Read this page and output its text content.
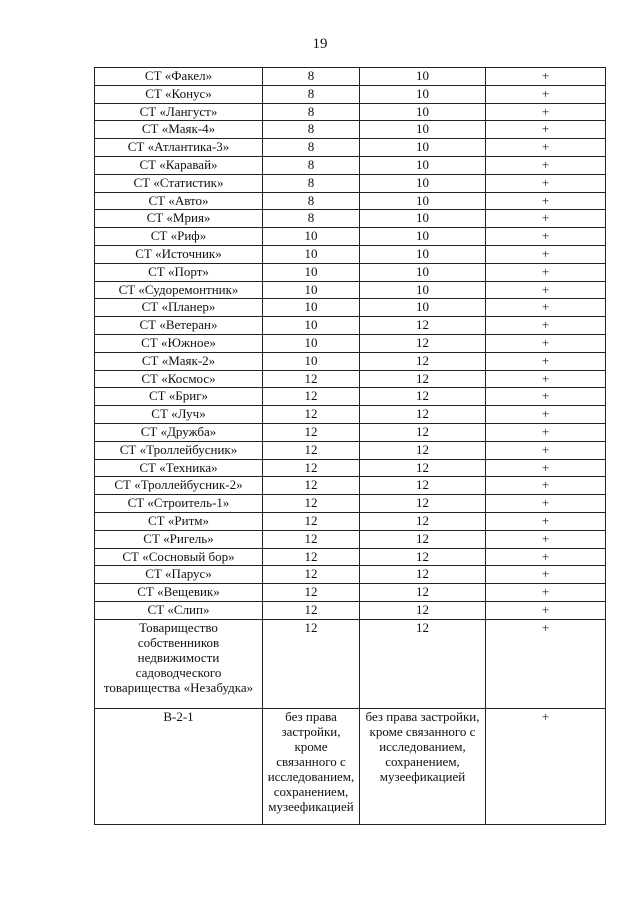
19
СТ «Факел»	8	10	+
СТ «Конус»	8	10	+
СТ «Лангуст»	8	10	+
СТ «Маяк-4»	8	10	+
СТ «Атлантика-3»	8	10	+
СТ «Каравай»	8	10	+
СТ «Статистик»	8	10	+
СТ «Авто»	8	10	+
СТ «Мрия»	8	10	+
СТ «Риф»	10	10	+
СТ «Источник»	10	10	+
СТ «Порт»	10	10	+
СТ «Судоремонтник»	10	10	+
СТ «Планер»	10	10	+
СТ «Ветеран»	10	12	+
СТ «Южное»	10	12	+
СТ «Маяк-2»	10	12	+
СТ «Космос»	12	12	+
СТ «Бриг»	12	12	+
СТ «Луч»	12	12	+
СТ «Дружба»	12	12	+
СТ «Троллейбусник»	12	12	+
СТ «Техника»	12	12	+
СТ «Троллейбусник-2»	12	12	+
СТ «Строитель-1»	12	12	+
СТ «Ритм»	12	12	+
СТ «Ригель»	12	12	+
СТ «Сосновый бор»	12	12	+
СТ «Парус»	12	12	+
СТ «Вещевик»	12	12	+
СТ «Слип»	12	12	+
Товарищество собственников недвижимости садоводческого товарищества «Незабудка»	12	12	+
В-2-1	без права застройки, кроме связанного с исследованием, сохранением, музеефикацией	без права застройки, кроме связанного с исследованием, сохранением, музеефикацией	+
